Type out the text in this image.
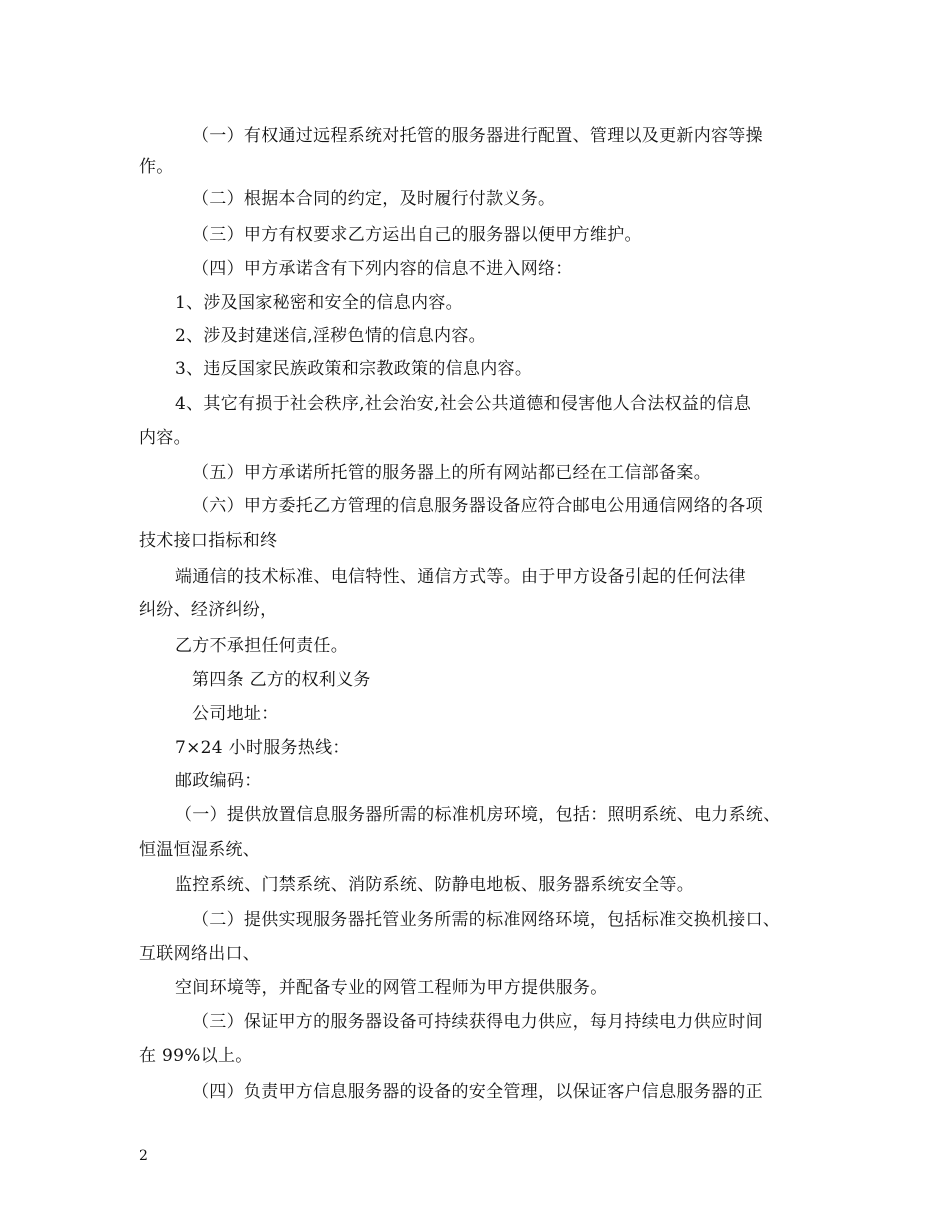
（一）有权通过远程系统对托管的服务器进行配置、管理以及更新内容等操
作。
（二）根据本合同的约定，及时履行付款义务。
（三）甲方有权要求乙方运出自己的服务器以便甲方维护。
（四）甲方承诺含有下列内容的信息不进入网络：
1、涉及国家秘密和安全的信息内容。
2、涉及封建迷信,淫秽色情的信息内容。
3、违反国家民族政策和宗教政策的信息内容。
4、其它有损于社会秩序,社会治安,社会公共道德和侵害他人合法权益的信息
内容。
（五）甲方承诺所托管的服务器上的所有网站都已经在工信部备案。
（六）甲方委托乙方管理的信息服务器设备应符合邮电公用通信网络的各项
技术接口指标和终
端通信的技术标准、电信特性、通信方式等。由于甲方设备引起的任何法律
纠纷、经济纠纷，
乙方不承担任何责任。
第四条 乙方的权利义务
公司地址：
7×24 小时服务热线：
邮政编码：
（一）提供放置信息服务器所需的标准机房环境，包括：照明系统、电力系统、
恒温恒湿系统、
监控系统、门禁系统、消防系统、防静电地板、服务器系统安全等。
（二）提供实现服务器托管业务所需的标准网络环境，包括标准交换机接口、
互联网络出口、
空间环境等，并配备专业的网管工程师为甲方提供服务。
（三）保证甲方的服务器设备可持续获得电力供应，每月持续电力供应时间
在 99%以上。
（四）负责甲方信息服务器的设备的安全管理，以保证客户信息服务器的正
2
